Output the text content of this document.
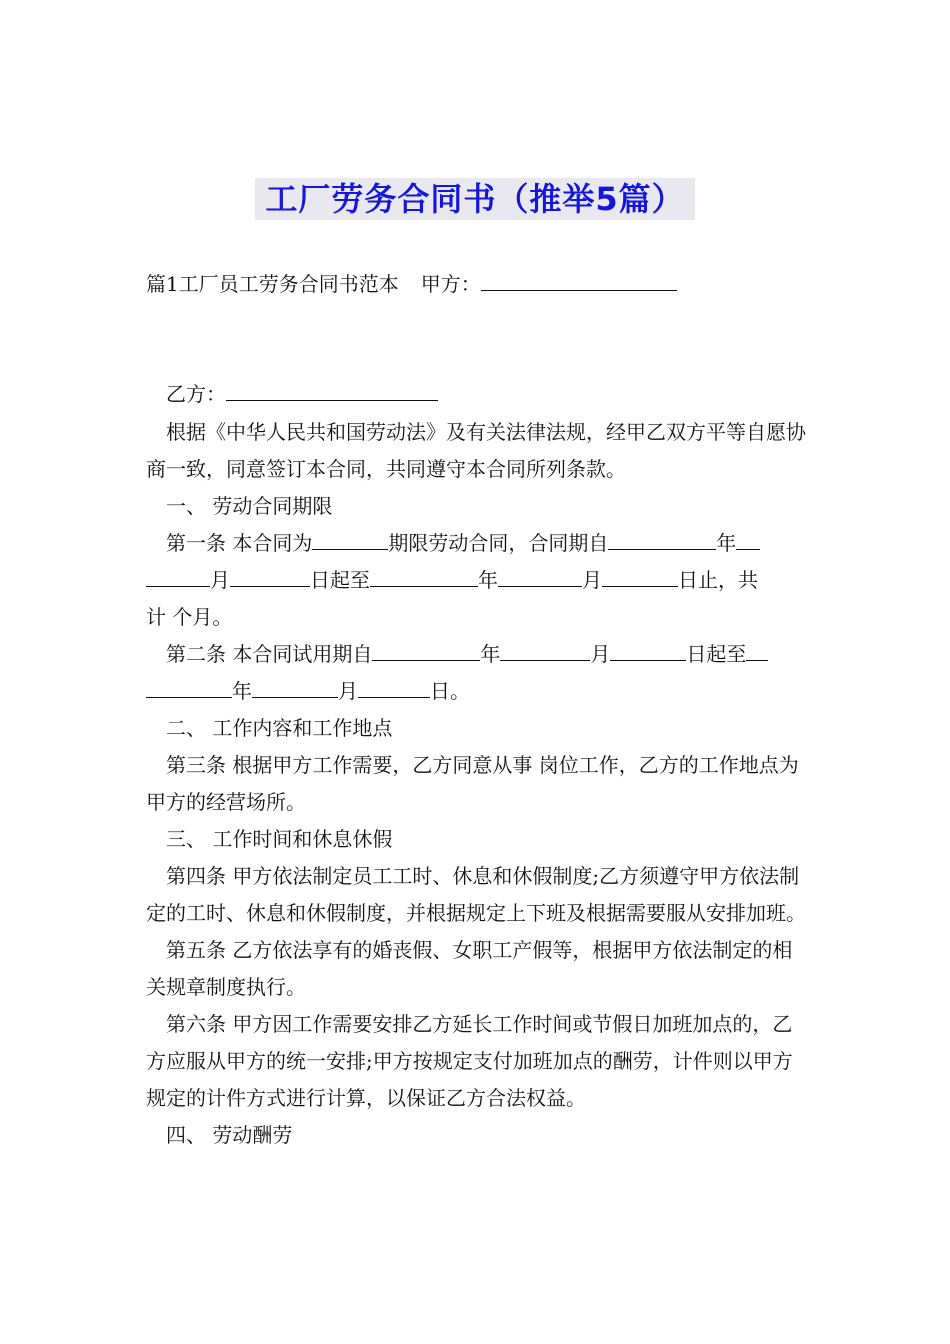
工厂劳务合同书（推举5篇）
篇1工厂员工劳务合同书范本 甲方：
乙方：

根据《中华人民共和国劳动法》及有关法律法规，经甲乙双方平等自愿协商一致，同意签订本合同，共同遵守本合同所列条款。

一、 劳动合同期限

第一条 本合同为	期限劳动合同，合同期自	年
月	日起至	年	月	日止，共
计 个月。

第二条 本合同试用期自	年	月	日起至
年	月	日。

二、 工作内容和工作地点

第三条 根据甲方工作需要，乙方同意从事 岗位工作，乙方的工作地点为甲方的经营场所。

三、 工作时间和休息休假

第四条 甲方依法制定员工工时、休息和休假制度;乙方须遵守甲方依法制定的工时、休息和休假制度，并根据规定上下班及根据需要服从安排加班。

第五条 乙方依法享有的婚丧假、女职工产假等，根据甲方依法制定的相关规章制度执行。

第六条 甲方因工作需要安排乙方延长工作时间或节假日加班加点的，乙方应服从甲方的统一安排;甲方按规定支付加班加点的酬劳，计件则以甲方规定的计件方式进行计算，以保证乙方合法权益。

四、 劳动酬劳
